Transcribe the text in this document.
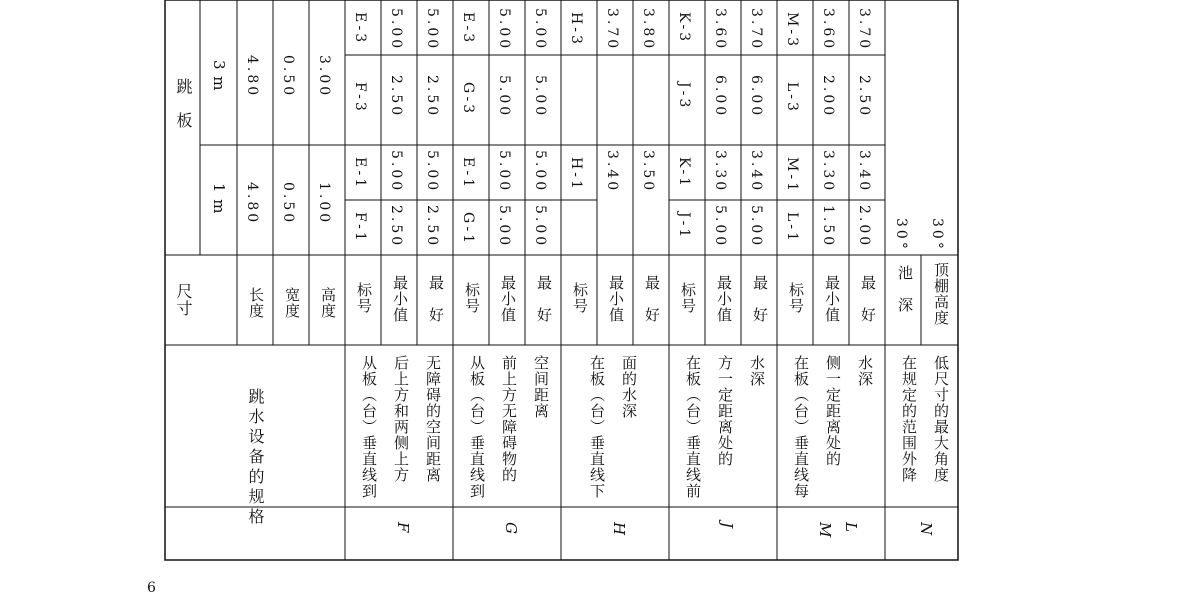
跳水设备的规格
尺寸
跳　板
1 m
3 m
长度
4.80
4.80
宽度
0.50
0.50
高度
1.00
3.00
F
从板（台）垂直线到 后上方和两侧上方 无障碍的空间距离
标号
F-1
E-1
F-3
E-3
最小值
2.50
5.00
2.50
5.00
最　好
2.50
5.00
2.50
5.00
G
从板（台）垂直线到 前上方无障碍物的 空间距离
标号
G-1
E-1
G-3
E-3
最小值
5.00
5.00
5.00
5.00
最　好
5.00
5.00
5.00
5.00
H
在板（台）垂直线下 面的水深
标号
H-1
H-3
最小值
3.40
3.70
最　好
3.50
3.80
J
在板（台）垂直线前 方一定距离处的 水深
标号
J-1
K-1
J-3
K-3
最小值
5.00
3.30
6.00
3.60
最　好
5.00
3.40
6.00
3.70
L
M
在板（台）垂直线每 侧一定距离处的 水深
标号
L-1
M-1
L-3
M-3
最小值
1.50
3.30
2.00
3.60
最　好
2.00
3.40
2.50
3.70
N
在规定的范围外降 低尺寸的最大角度
池　深
30°
顶棚高度
30°
6
